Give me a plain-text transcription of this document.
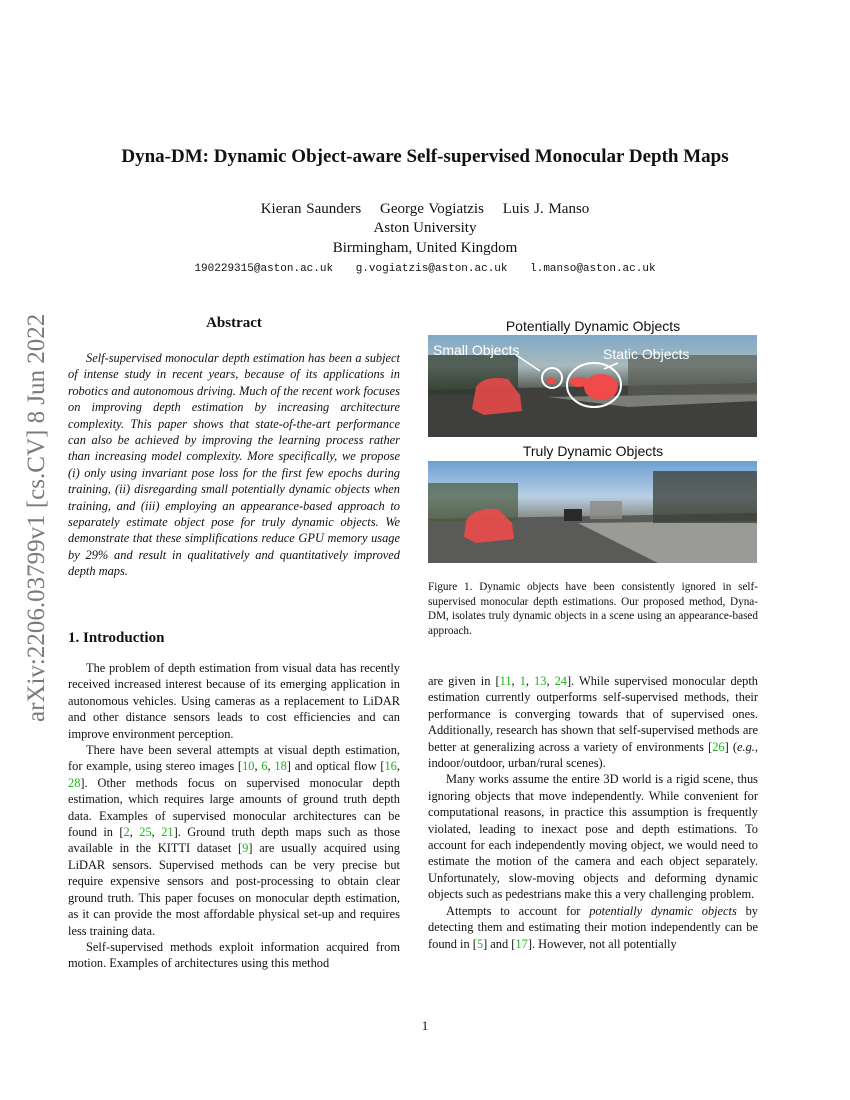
Dyna-DM: Dynamic Object-aware Self-supervised Monocular Depth Maps
Kieran Saunders George Vogiatzis Luis J. Manso
Aston University
Birmingham, United Kingdom
190229315@aston.ac.uk g.vogiatzis@aston.ac.uk l.manso@aston.ac.uk
arXiv:2206.03799v1 [cs.CV] 8 Jun 2022	Abstract

Self-supervised monocular depth estimation has been a subject of intense study in recent years, because of its applications in robotics and autonomous driving. Much of the recent work focuses on improving depth estimation by increasing architecture complexity. This paper shows that state-of-the-art performance can also be achieved by improving the learning process rather than increasing model complexity. More specifically, we propose (i) only using invariant pose loss for the first few epochs during training, (ii) disregarding small potentially dynamic objects when training, and (iii) employing an appearance-based approach to separately estimate object pose for truly dynamic objects. We demonstrate that these simplifications reduce GPU memory usage by 29% and result in qualitatively and quantitatively improved depth maps.

Potentially Dynamic Objects
Small Objects	Static Objects
Truly Dynamic Objects

Figure 1. Dynamic objects have been consistently ignored in self-supervised monocular depth estimations. Our proposed method, Dyna-DM, isolates truly dynamic objects in a scene using an appearance-based approach.

1. Introduction

The problem of depth estimation from visual data has recently received increased interest because of its emerging application in autonomous vehicles. Using cameras as a replacement to LiDAR and other distance sensors leads to cost efficiencies and can improve environment perception.

There have been several attempts at visual depth estimation, for example, using stereo images [10, 6, 18] and optical flow [16, 28]. Other methods focus on supervised monocular depth estimation, which requires large amounts of ground truth depth data. Examples of supervised monocular architectures can be found in [2, 25, 21]. Ground truth depth maps such as those available in the KITTI dataset [9] are usually acquired using LiDAR sensors. Supervised methods can be very precise but require expensive sensors and post-processing to obtain clear ground truth. This paper focuses on monocular depth estimation, as it can provide the most affordable physical set-up and requires less training data.

Self-supervised methods exploit information acquired from motion. Examples of architectures using this method

are given in [11, 1, 13, 24]. While supervised monocular depth estimation currently outperforms self-supervised methods, their performance is converging towards that of supervised ones. Additionally, research has shown that self-supervised methods are better at generalizing across a variety of environments [26] (e.g., indoor/outdoor, urban/rural scenes).

Many works assume the entire 3D world is a rigid scene, thus ignoring objects that move independently. While convenient for computational reasons, in practice this assumption is frequently violated, leading to inexact pose and depth estimations. To account for each independently moving object, we would need to estimate the motion of the camera and each object separately. Unfortunately, slow-moving objects and deforming dynamic objects such as pedestrians make this a very challenging problem.

Attempts to account for potentially dynamic objects by detecting them and estimating their motion independently can be found in [5] and [17]. However, not all potentially

1
